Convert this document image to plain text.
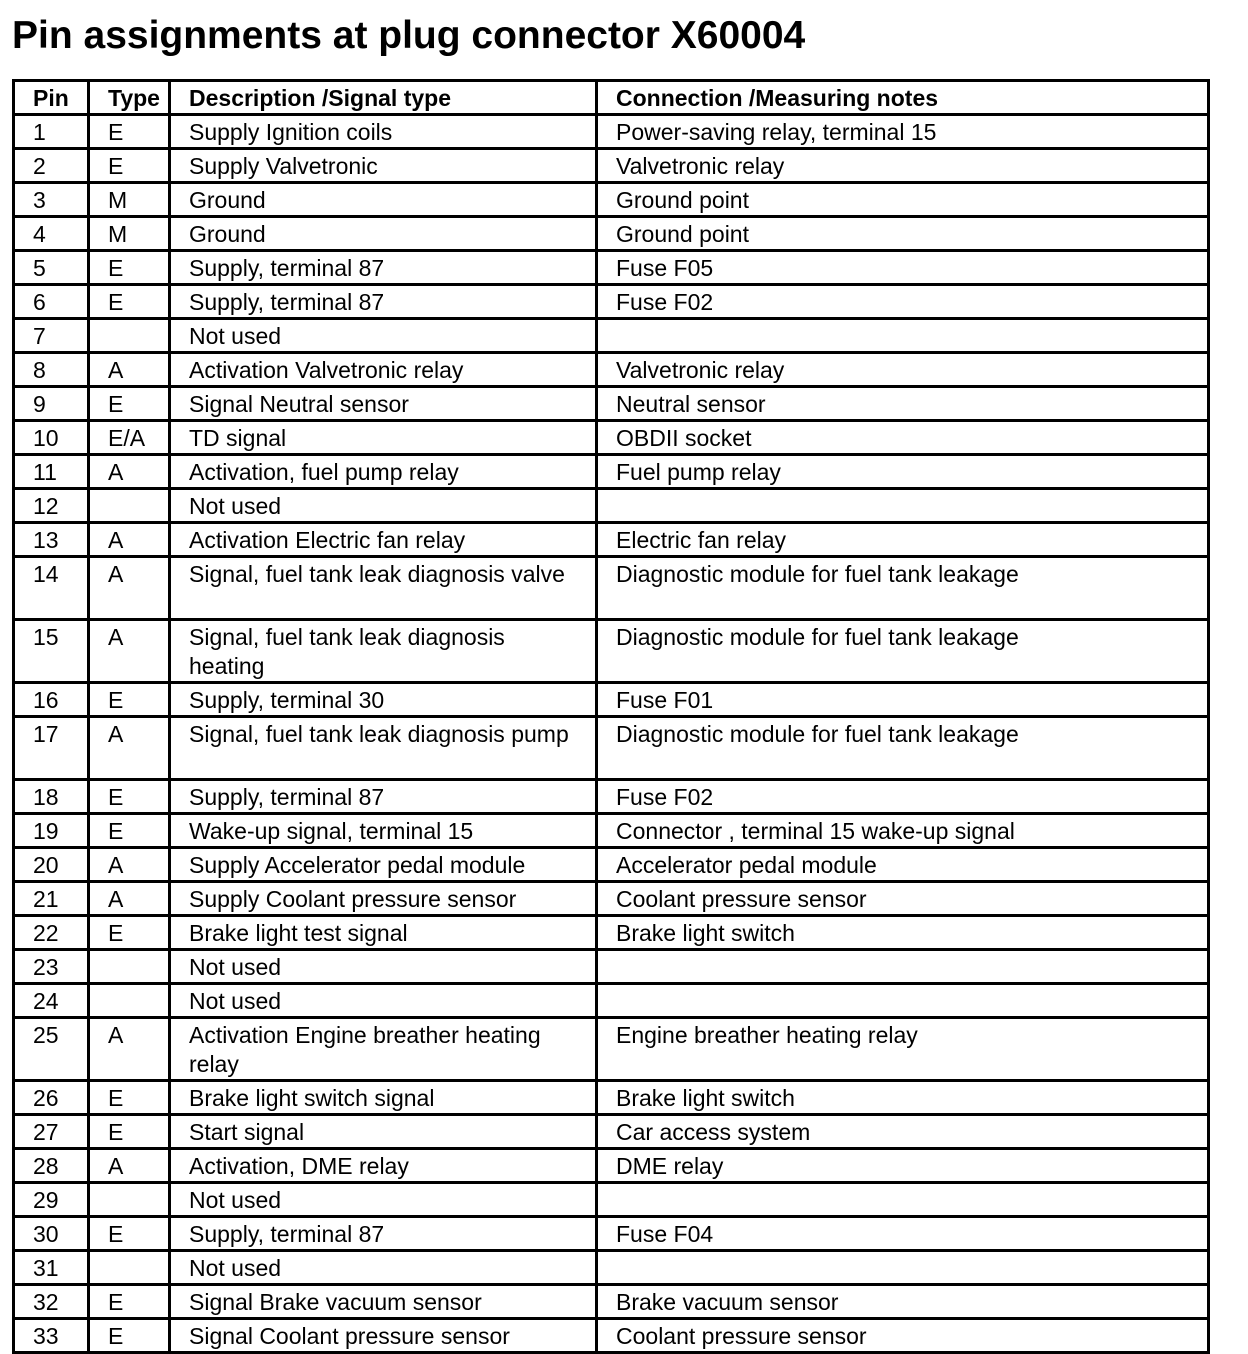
Pin assignments at plug connector X60004
Pin	Type	Description /Signal type	Connection /Measuring notes
1	E	Supply Ignition coils	Power-saving relay, terminal 15
2	E	Supply Valvetronic	Valvetronic relay
3	M	Ground	Ground point
4	M	Ground	Ground point
5	E	Supply, terminal 87	Fuse F05
6	E	Supply, terminal 87	Fuse F02
7		Not used	
8	A	Activation Valvetronic relay	Valvetronic relay
9	E	Signal Neutral sensor	Neutral sensor
10	E/A	TD signal	OBDII socket
11	A	Activation, fuel pump relay	Fuel pump relay
12		Not used	
13	A	Activation Electric fan relay	Electric fan relay
14	A	Signal, fuel tank leak diagnosis valve	Diagnostic module for fuel tank leakage
15	A	Signal, fuel tank leak diagnosis heating	Diagnostic module for fuel tank leakage
16	E	Supply, terminal 30	Fuse F01
17	A	Signal, fuel tank leak diagnosis pump	Diagnostic module for fuel tank leakage
18	E	Supply, terminal 87	Fuse F02
19	E	Wake-up signal, terminal 15	Connector , terminal 15 wake-up signal
20	A	Supply Accelerator pedal module	Accelerator pedal module
21	A	Supply Coolant pressure sensor	Coolant pressure sensor
22	E	Brake light test signal	Brake light switch
23		Not used	
24		Not used	
25	A	Activation Engine breather heating relay	Engine breather heating relay
26	E	Brake light switch signal	Brake light switch
27	E	Start signal	Car access system
28	A	Activation, DME relay	DME relay
29		Not used	
30	E	Supply, terminal 87	Fuse F04
31		Not used	
32	E	Signal Brake vacuum sensor	Brake vacuum sensor
33	E	Signal Coolant pressure sensor	Coolant pressure sensor
